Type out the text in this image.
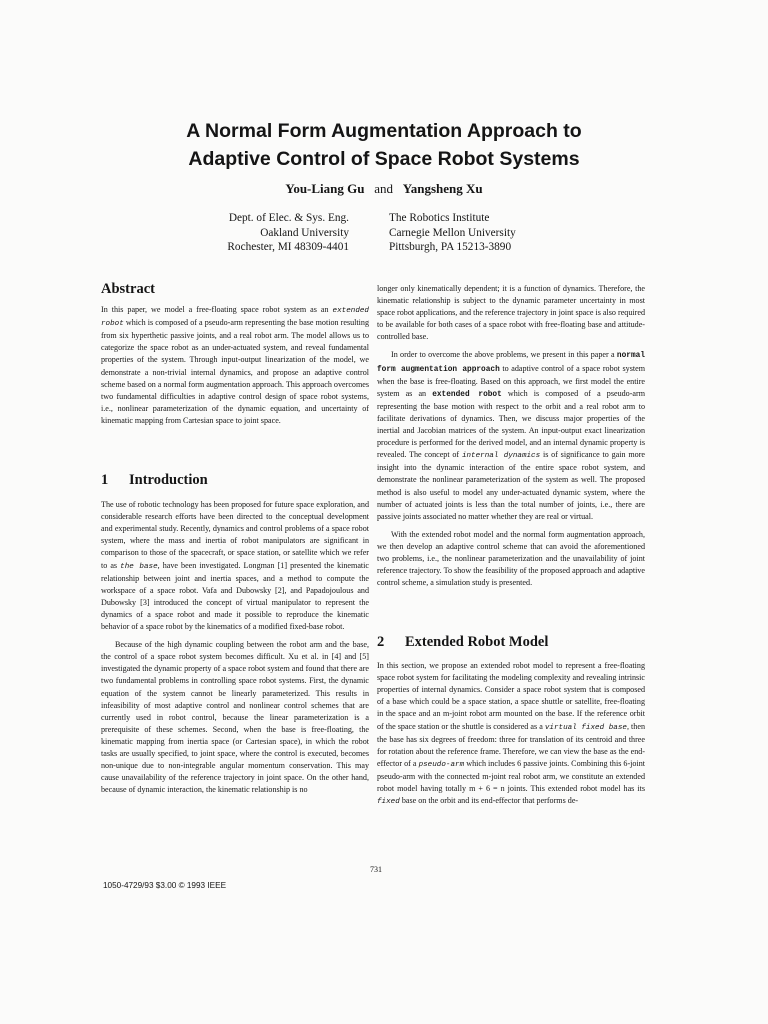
A Normal Form Augmentation Approach to
Adaptive Control of Space Robot Systems
You-Liang Gu and Yangsheng Xu
Dept. of Elec. & Sys. Eng.
Oakland University
Rochester, MI 48309-4401
The Robotics Institute
Carnegie Mellon University
Pittsburgh, PA 15213-3890
Abstract

In this paper, we model a free-floating space robot system as an extended robot which is composed of a pseudo-arm representing the base motion resulting from six hyperthetic passive joints, and a real robot arm. The model allows us to categorize the space robot as an under-actuated system, and reveal fundamental properties of the system. Through input-output linearization of the model, we demonstrate a non-trivial internal dynamics, and propose an adaptive control scheme based on a normal form augmentation approach. This approach overcomes two fundamental difficulties in adaptive control design of space robot systems, i.e., nonlinear parameterization of the dynamic equation, and uncertainty of kinematic mapping from Cartesian space to joint space.

1 Introduction

The use of robotic technology has been proposed for future space exploration, and considerable research efforts have been directed to the conceptual development and experimental study. Recently, dynamics and control problems of a space robot system, where the mass and inertia of robot manipulators are significant in comparison to those of the spacecraft, or space station, or satellite which we refer to as the base, have been investigated. Longman [1] presented the kinematic relationship between joint and inertia spaces, and a method to compute the workspace of a space robot. Vafa and Dubowsky [2], and Papadojoulous and Dubowsky [3] introduced the concept of virtual manipulator to represent the dynamics of a space robot and made it possible to reproduce the kinematic behavior of a space robot by the kinematics of a modified fixed-base robot.

Because of the high dynamic coupling between the robot arm and the base, the control of a space robot system becomes difficult. Xu et al. in [4] and [5] investigated the dynamic property of a space robot system and found that there are two fundamental problems in controlling space robot systems. First, the dynamic equation of the system cannot be linearly parameterized. This results in infeasibility of most adaptive control and nonlinear control schemes that are currently used in robot control, because the linear parameterization is a prerequisite of these schemes. Second, when the base is free-floating, the kinematic mapping from inertia space (or Cartesian space), in which the robot tasks are usually specified, to joint space, where the control is executed, becomes non-unique due to non-integrable angular momentum conservation. This may cause unavailability of the reference trajectory in joint space. On the other hand, because of dynamic interaction, the kinematic relationship is no

longer only kinematically dependent; it is a function of dynamics. Therefore, the kinematic relationship is subject to the dynamic parameter uncertainty in most space robot applications, and the reference trajectory in joint space is also required to be available for both cases of a space robot with free-floating base and attitude-controlled base.

In order to overcome the above problems, we present in this paper a normal form augmentation approach to adaptive control of a space robot system when the base is free-floating. Based on this approach, we first model the entire system as an extended robot which is composed of a pseudo-arm representing the base motion with respect to the orbit and a real robot arm to facilitate derivations of dynamics. Then, we discuss major properties of the inertial and Jacobian matrices of the system. An input-output exact linearization procedure is performed for the derived model, and an internal dynamic property is revealed. The concept of internal dynamics is of significance to gain more insight into the dynamic interaction of the entire space robot system, and demonstrate the nonlinear parameterization of the system as well. The proposed method is also useful to model any under-actuated dynamic system, where the number of actuated joints is less than the total number of joints, i.e., there are passive joints associated no matter whether they are real or virtual.

With the extended robot model and the normal form augmentation approach, we then develop an adaptive control scheme that can avoid the aforementioned two problems, i.e., the nonlinear parameterization and the unavailability of joint reference trajectory. To show the feasibility of the proposed approach and adaptive control scheme, a simulation study is presented.

2 Extended Robot Model

In this section, we propose an extended robot model to represent a free-floating space robot system for facilitating the modeling complexity and revealing intrinsic properties of internal dynamics. Consider a space robot system that is composed of a base which could be a space station, a space shuttle or satellite, free-floating in the space and an m-joint robot arm mounted on the base. If the reference orbit of the space station or the shuttle is considered as a virtual fixed base, then the base has six degrees of freedom: three for translation of its centroid and three for rotation about the reference frame. Therefore, we can view the base as the end-effector of a pseudo-arm which includes 6 passive joints. Combining this 6-joint pseudo-arm with the connected m-joint real robot arm, we constitute an extended robot model having totally m + 6 = n joints. This extended robot model has its fixed base on the orbit and its end-effector that performs de-

731
1050-4729/93 $3.00 © 1993 IEEE
